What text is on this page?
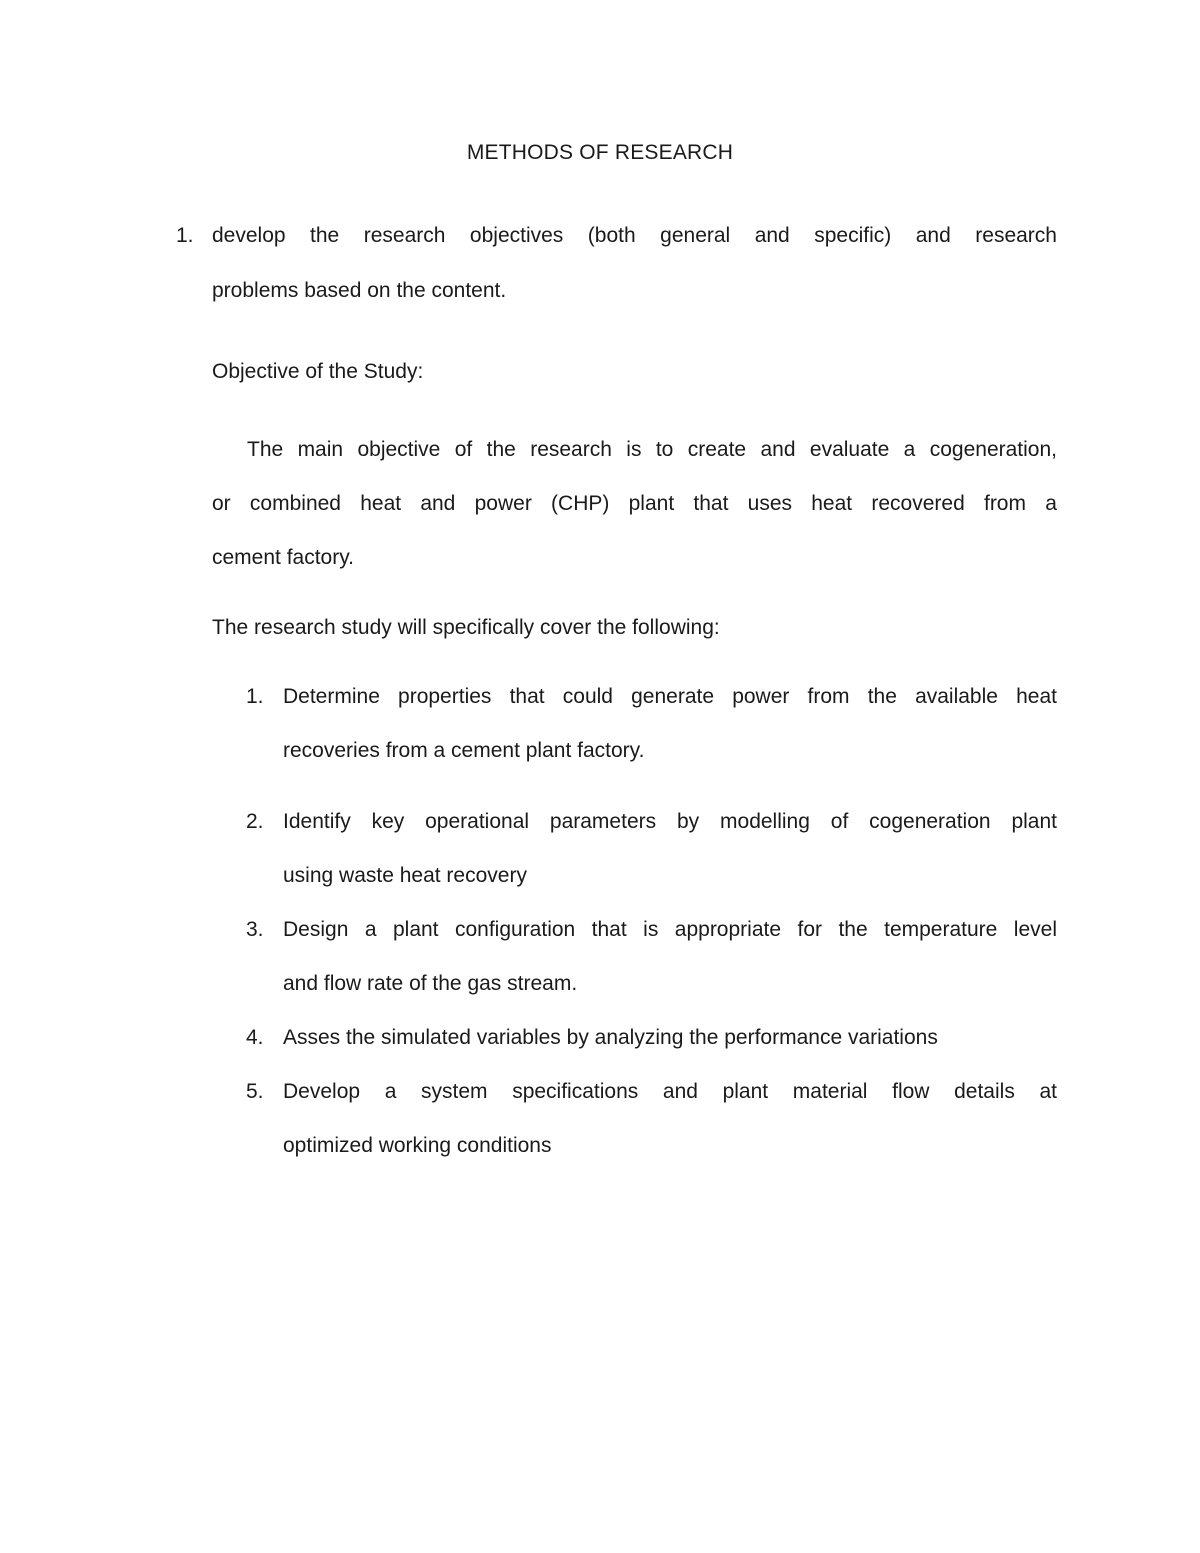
METHODS OF RESEARCH
1. develop the research objectives (both general and specific) and research
problems based on the content.
Objective of the Study:
The main objective of the research is to create and evaluate a cogeneration,
or combined heat and power (CHP) plant that uses heat recovered from a
cement factory.
The research study will specifically cover the following:
1. Determine properties that could generate power from the available heat
recoveries from a cement plant factory.
2. Identify key operational parameters by modelling of cogeneration plant
using waste heat recovery
3. Design a plant configuration that is appropriate for the temperature level
and flow rate of the gas stream.
4. Asses the simulated variables by analyzing the performance variations
5. Develop a system specifications and plant material flow details at
optimized working conditions
